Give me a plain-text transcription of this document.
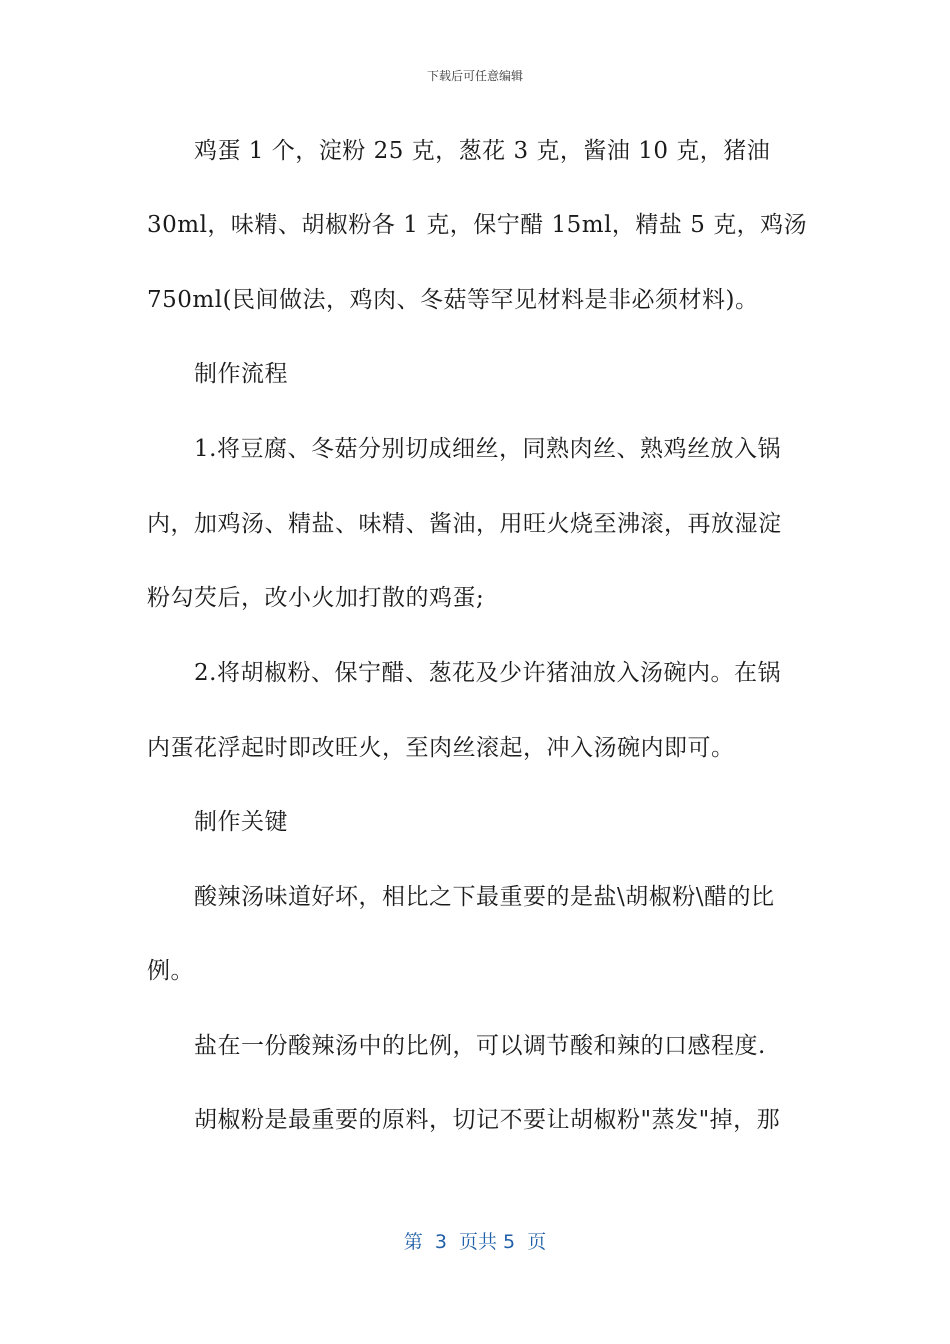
下载后可任意编辑
鸡蛋 1 个，淀粉 25 克，葱花 3 克，酱油 10 克，猪油
30ml，味精、胡椒粉各 1 克，保宁醋 15ml，精盐 5 克，鸡汤
750ml(民间做法，鸡肉、冬菇等罕见材料是非必须材料)。
制作流程
1.将豆腐、冬菇分别切成细丝，同熟肉丝、熟鸡丝放入锅
内，加鸡汤、精盐、味精、酱油，用旺火烧至沸滚，再放湿淀
粉勾芡后，改小火加打散的鸡蛋;
2.将胡椒粉、保宁醋、葱花及少许猪油放入汤碗内。在锅
内蛋花浮起时即改旺火，至肉丝滚起，冲入汤碗内即可。
制作关键
酸辣汤味道好坏，相比之下最重要的是盐\胡椒粉\醋的比
例。
盐在一份酸辣汤中的比例，可以调节酸和辣的口感程度.
胡椒粉是最重要的原料，切记不要让胡椒粉"蒸发"掉，那
第  3  页共 5  页
